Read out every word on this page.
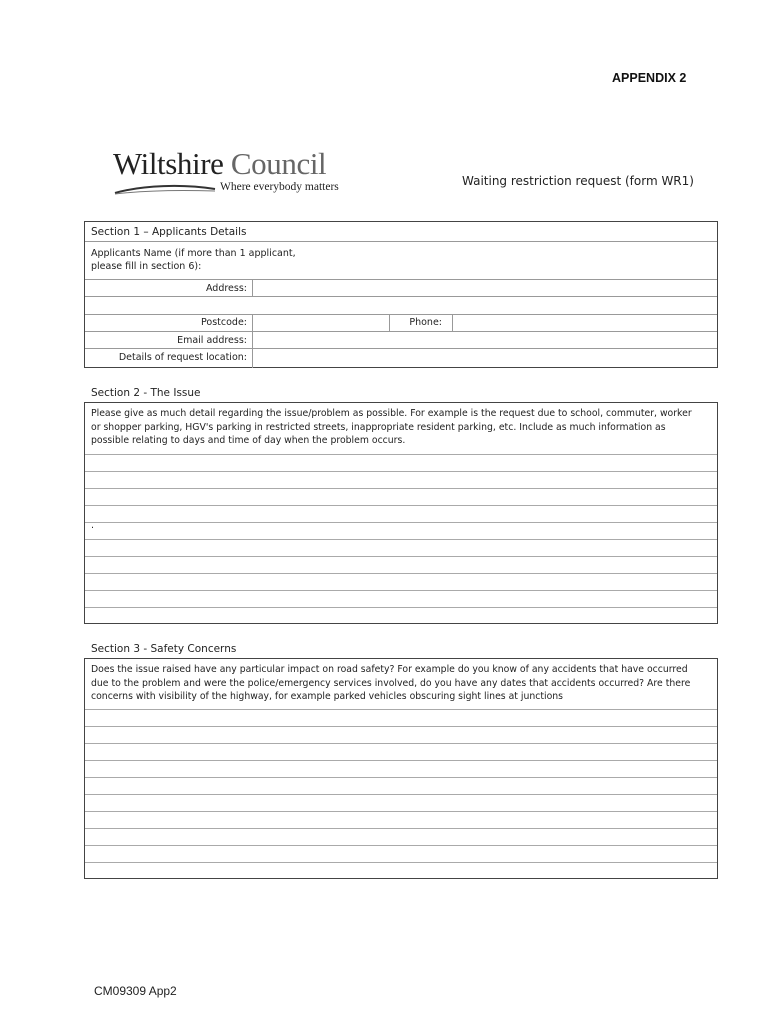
APPENDIX 2
Wiltshire Council
Where everybody matters	Waiting restriction request (form WR1)
Section 1 – Applicants Details
Applicants Name (if more than 1 applicant,
please fill in section 6):
Address:
Postcode:	Phone:
Email address:
Details of request location:
Section 2 - The Issue
Please give as much detail regarding the issue/problem as possible. For example is the request due to school, commuter, worker
or shopper parking, HGV's parking in restricted streets, inappropriate resident parking, etc. Include as much information as
possible relating to days and time of day when the problem occurs.
.
Section 3 - Safety Concerns
Does the issue raised have any particular impact on road safety? For example do you know of any accidents that have occurred
due to the problem and were the police/emergency services involved, do you have any dates that accidents occurred? Are there
concerns with visibility of the highway, for example parked vehicles obscuring sight lines at junctions
CM09309 App2
